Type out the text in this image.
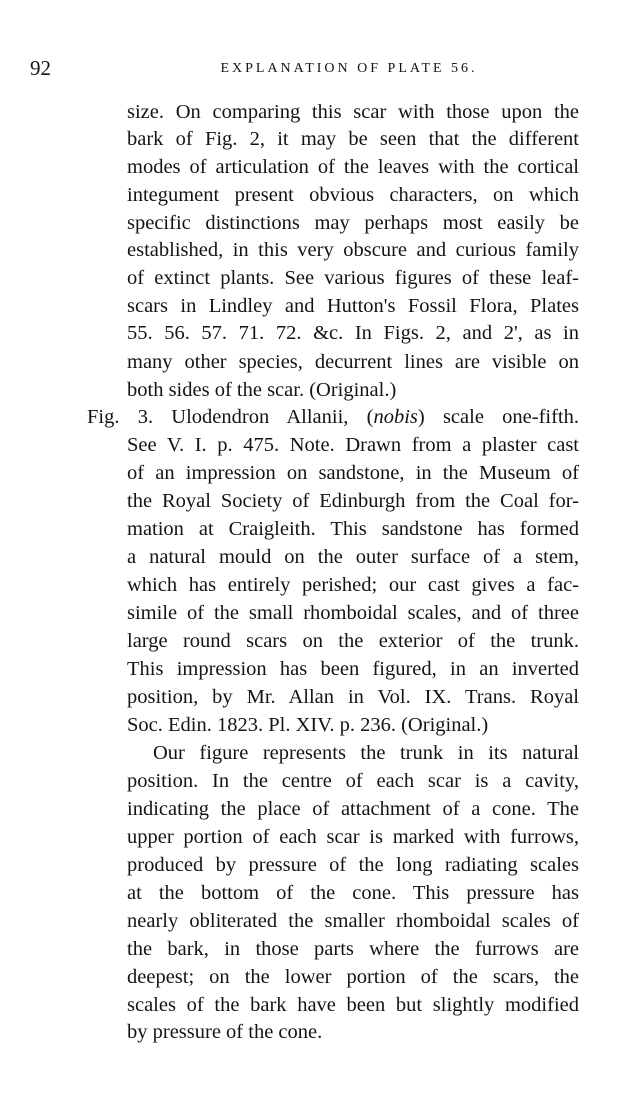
92	EXPLANATION OF PLATE 56.
size. On comparing this scar with those upon the
bark of Fig. 2, it may be seen that the different
modes of articulation of the leaves with the cortical
integument present obvious characters, on which
specific distinctions may perhaps most easily be
established, in this very obscure and curious family
of extinct plants. See various figures of these leaf-
scars in Lindley and Hutton's Fossil Flora, Plates
55. 56. 57. 71. 72. &c. In Figs. 2, and 2', as in
many other species, decurrent lines are visible on
both sides of the scar. (Original.)
Fig. 3. Ulodendron Allanii, (nobis) scale one-fifth.
See V. I. p. 475. Note. Drawn from a plaster cast
of an impression on sandstone, in the Museum of
the Royal Society of Edinburgh from the Coal for-
mation at Craigleith. This sandstone has formed
a natural mould on the outer surface of a stem,
which has entirely perished; our cast gives a fac-
simile of the small rhomboidal scales, and of three
large round scars on the exterior of the trunk.
This impression has been figured, in an inverted
position, by Mr. Allan in Vol. IX. Trans. Royal
Soc. Edin. 1823. Pl. XIV. p. 236. (Original.)
Our figure represents the trunk in its natural
position. In the centre of each scar is a cavity,
indicating the place of attachment of a cone. The
upper portion of each scar is marked with furrows,
produced by pressure of the long radiating scales
at the bottom of the cone. This pressure has
nearly obliterated the smaller rhomboidal scales of
the bark, in those parts where the furrows are
deepest; on the lower portion of the scars, the
scales of the bark have been but slightly modified
by pressure of the cone.
